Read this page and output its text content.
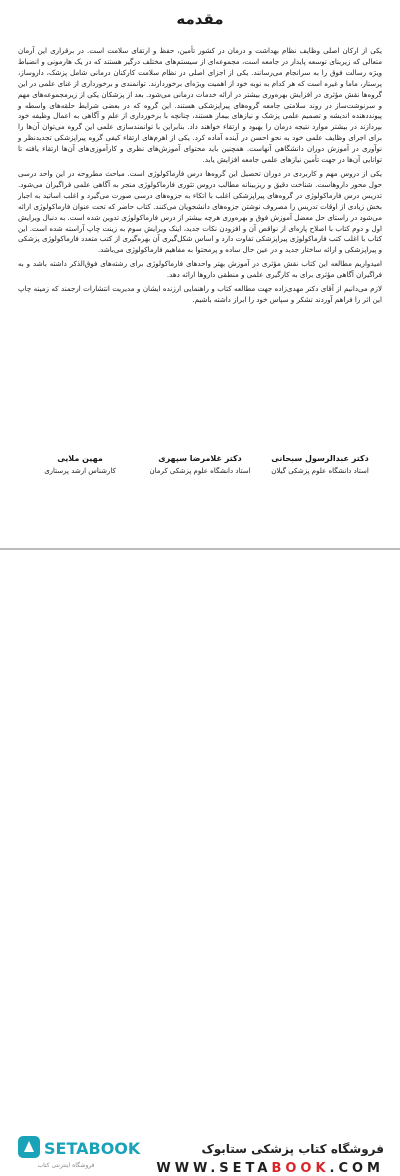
مقدمه

یکی از ارکان اصلی وظایف نظام بهداشت و درمان در کشور تأمین، حفظ و ارتقای سلامت است. در برقراری این آرمان متعالی که زیربنای توسعه پایدار در جامعه است، مجموعه‌ای از سیستم‌های مختلف درگیر هستند که در یک هارمونی و انضباط ویژه رسالت فوق را به سرانجام می‌رسانند. یکی از اجزای اصلی در نظام سلامت کارکنان درمانی شامل پزشک، داروساز، پرستار، ماما و غیره است که هر کدام به نوبه خود از اهمیت ویژه‌ای برخوردارند. توانمندی و برخورداری از غنای علمی در این گروه‌ها نقش مؤثری در افزایش بهره‌وری بیشتر در ارائه خدمات درمانی می‌شود. بعد از پزشکان یکی از زیرمجموعه‌های مهم و سرنوشت‌ساز در روند سلامتی جامعه گروه‌های پیراپزشکی هستند. این گروه که در بعضی شرایط حلقه‌های واسطه و پیوند‌دهنده اندیشه و تصمیم علمی پزشک و نیازهای بیمار هستند، چنانچه با برخورداری از علم و آگاهی به اعمال وظیفه خود بپردازند در بیشتر موارد نتیجه درمان را بهبود و ارتقاء خواهند داد. بنابراین با توانمندسازی علمی این گروه می‌توان آن‌ها را برای اجرای وظایف علمی خود به نحو احسن در آینده آماده کرد. یکی از اهرم‌های ارتقاء کیفی گروه پیراپزشکی تجدیدنظر و نوآوری در آموزش دوران دانشگاهی آنهاست. همچنین باید محتوای آموزش‌های نظری و کارآموزی‌های آن‌ها ارتقاء یافته تا توانایی آن‌ها در جهت تأمین نیازهای علمی جامعه افزایش یابد.

یکی از دروس مهم و کاربردی در دوران تحصیل این گروه‌ها درس فارماکولوژی است. مباحث مطروحه در این واحد درسی حول محور داروهاست. شناخت دقیق و ریزبینانه مطالب دروس تئوری فارماکولوژی منجر به آگاهی علمی فراگیران می‌شود. تدریس درس فارماکولوژی در گروه‌های پیراپزشکی اغلب با اتکاء به جزوه‌های درسی صورت می‌گیرد و اغلب اساتید به اجبار بخش زیادی از اوقات تدریس را مصروف نوشتن جزوه‌های دانشجویان می‌کنند. کتاب حاضر که تحت عنوان فارماکولوژی ارائه می‌شود در راستای حل معضل آموزش فوق و بهره‌وری هرچه بیشتر از درس فارماکولوژی تدوین شده است. به دنبال ویرایش اول و دوم کتاب با اصلاح پاره‌ای از نواقص آن و افزودن نکات جدید، اینک ویرایش سوم به زینت چاپ آراسته شده است. این کتاب با اغلب کتب فارماکولوژی پیراپزشکی تفاوت دارد و اساس شکل‌گیری آن بهره‌گیری از کتب متعدد فارماکولوژی پزشکی و پیراپزشکی و ارائه ساختار جدید و در عین حال ساده و پرمحتوا به مفاهیم فارماکولوژی می‌باشد.

امیدواریم مطالعه این کتاب نقش مؤثری در آموزش بهتر واحدهای فارماکولوژی برای رشته‌های فوق‌الذکر داشته باشد و به فراگیران آگاهی مؤثری برای به کارگیری علمی و منطقی داروها ارائه دهد.

لازم می‌دانیم از آقای دکتر مهدی‌زاده جهت مطالعه کتاب و راهنمایی ارزنده ایشان و مدیریت انتشارات ارجمند که زمینه چاپ این اثر را فراهم آوردند تشکر و سپاس خود را ابراز داشته باشیم.

دکتر عبدالرسول سبحانی
استاد دانشگاه علوم پزشکی گیلان
دکتر غلامرضا سپهری
استاد دانشگاه علوم پزشکی کرمان
مهین ملایی
کارشناس ارشد پرستاری
فروشگاه کتاب پزشکی ستابوک
WWW.SETABOOK.COM
SETABOOK
فروشگاه اینترنتی کتاب
